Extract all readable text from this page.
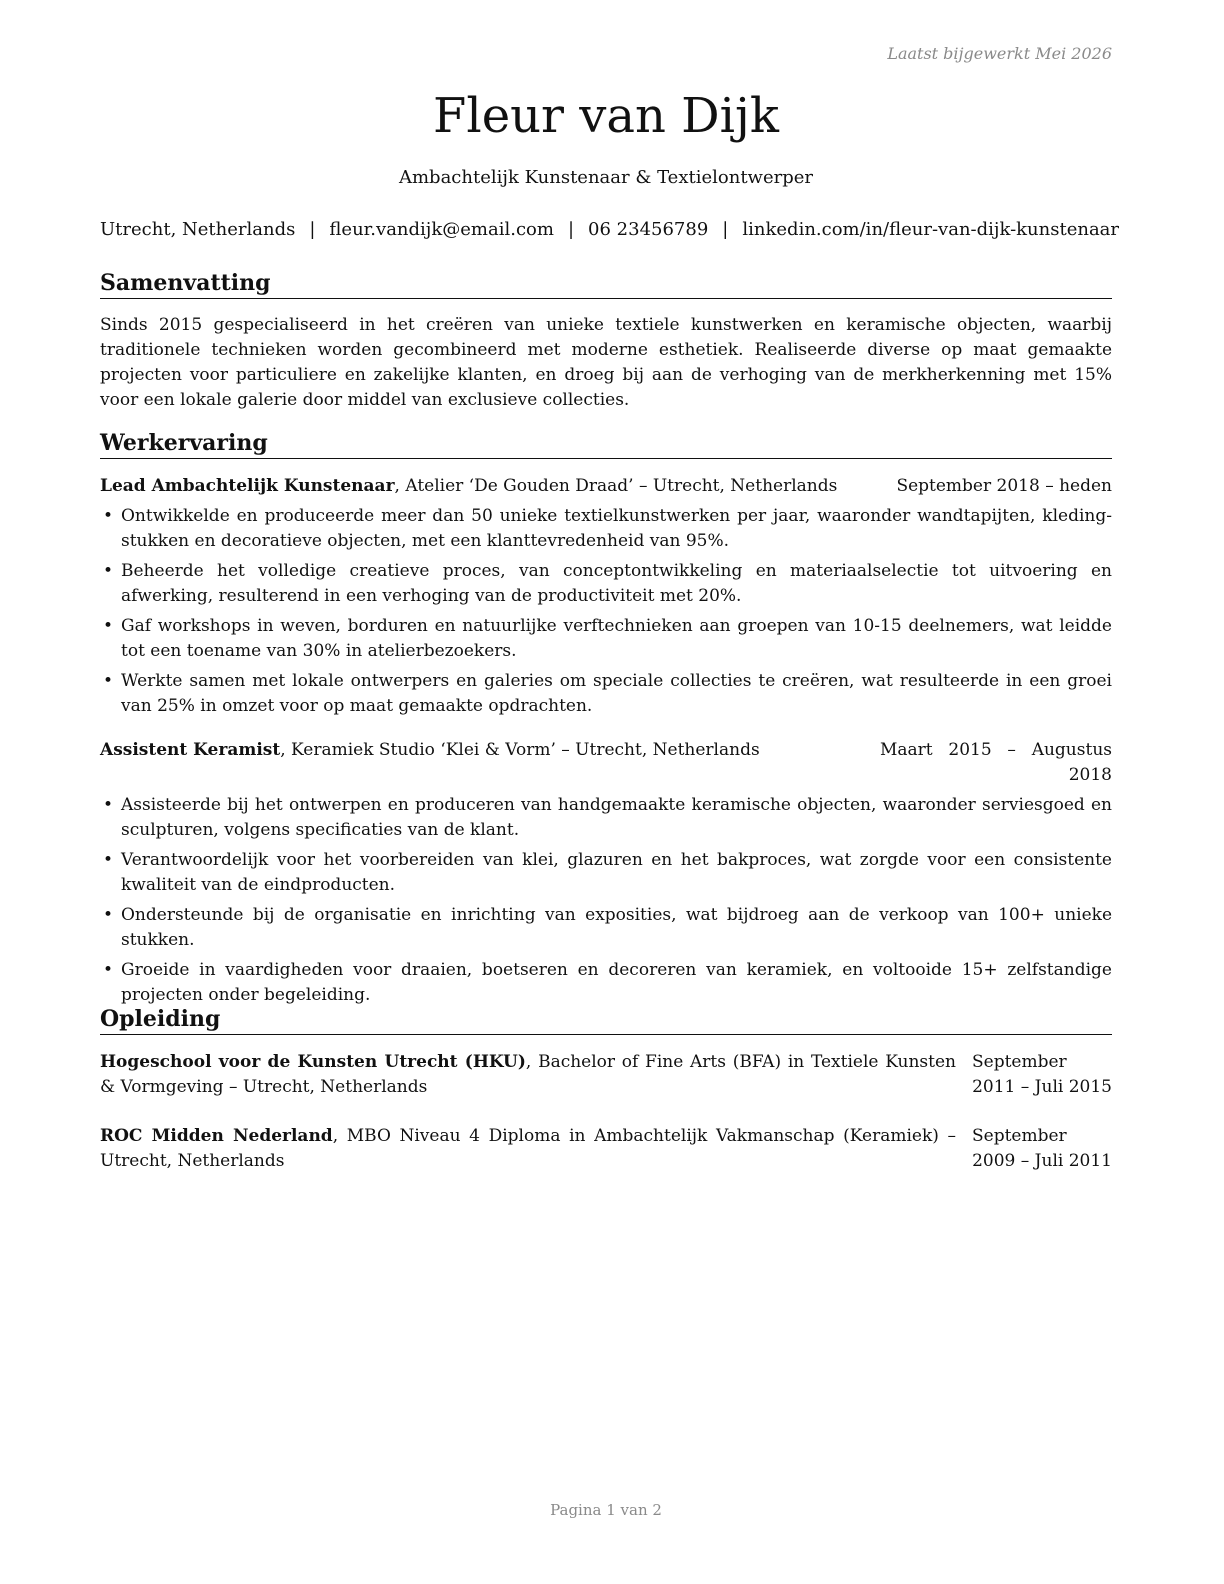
Laatst bijgewerkt Mei 2026
Fleur van Dijk
Ambachtelijk Kunstenaar & Textielontwerper
Utrecht, Netherlands | fleur.vandijk@email.com | 06 23456789 | linkedin.com/in/fleur-van-dijk-kunstenaar
Samenvatting
Sinds 2015 gespecialiseerd in het creëren van unieke textiele kunstwerken en keramische objecten, waarbij traditionele technieken worden gecombineerd met moderne esthetiek. Realiseerde diverse op maat gemaakte projecten voor particuliere en zakelijke klanten, en droeg bij aan de verhoging van de merkherkenning met 15% voor een lokale galerie door middel van exclusieve collecties.
Werkervaring
Lead Ambachtelijk Kunstenaar, Atelier ‘De Gouden Draad’ – Utrecht, Netherlands	September 2018 – heden
• Ontwikkelde en produceerde meer dan 50 unieke textielkunstwerken per jaar, waaronder wandtapijten, kledingstukken en decoratieve objecten, met een klanttevredenheid van 95%.
• Beheerde het volledige creatieve proces, van conceptontwikkeling en materiaalselectie tot uitvoering en afwerking, resulterend in een verhoging van de productiviteit met 20%.
• Gaf workshops in weven, borduren en natuurlijke verftechnieken aan groepen van 10-15 deelnemers, wat leidde tot een toename van 30% in atelierbezoekers.
• Werkte samen met lokale ontwerpers en galeries om speciale collecties te creëren, wat resulteerde in een groei van 25% in omzet voor op maat gemaakte opdrachten.
Assistent Keramist, Keramiek Studio ‘Klei & Vorm’ – Utrecht, Netherlands	Maart 2015 – Augustus 2018
• Assisteerde bij het ontwerpen en produceren van handgemaakte keramische objecten, waaronder serviesgoed en sculpturen, volgens specificaties van de klant.
• Verantwoordelijk voor het voorbereiden van klei, glazuren en het bakproces, wat zorgde voor een consistente kwaliteit van de eindproducten.
• Ondersteunde bij de organisatie en inrichting van exposities, wat bijdroeg aan de verkoop van 100+ unieke stukken.
• Groeide in vaardigheden voor draaien, boetseren en decoreren van keramiek, en voltooide 15+ zelfstandige projecten onder begeleiding.
Opleiding
Hogeschool voor de Kunsten Utrecht (HKU), Bachelor of Fine Arts (BFA) in Textiele Kunsten & Vormgeving – Utrecht, Netherlands
September 2011 – Juli 2015
ROC Midden Nederland, MBO Niveau 4 Diploma in Ambachtelijk Vakmanschap (Keramiek) – Utrecht, Netherlands
September 2009 – Juli 2011
Pagina 1 van 2
